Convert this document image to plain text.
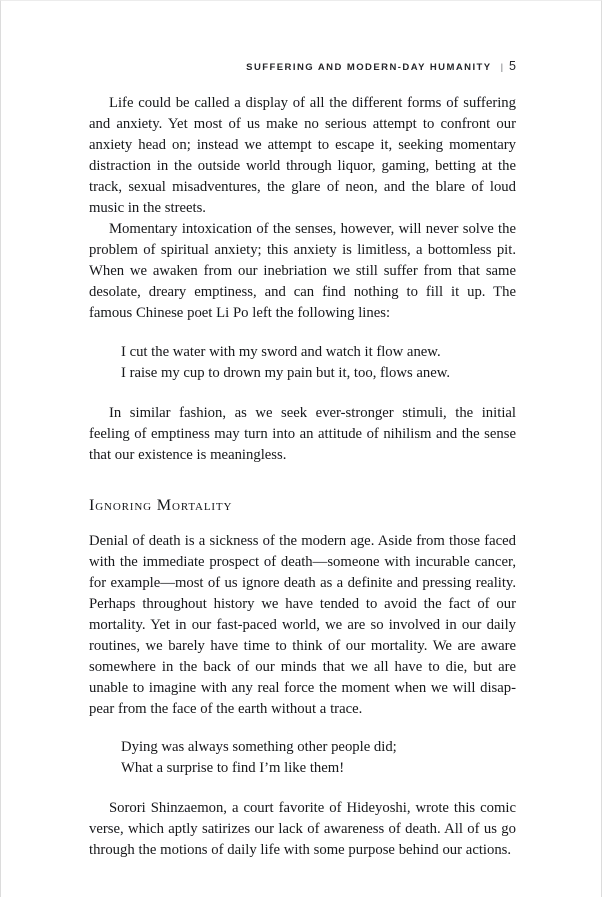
SUFFERING AND MODERN-DAY HUMANITY | 5

Life could be called a display of all the different forms of suffering and anxiety. Yet most of us make no serious attempt to confront our anxiety head on; instead we attempt to escape it, seeking momentary distraction in the outside world through liquor, gaming, betting at the track, sexual misadventures, the glare of neon, and the blare of loud music in the streets.

Momentary intoxication of the senses, however, will never solve the problem of spiritual anxiety; this anxiety is limitless, a bottomless pit. When we awaken from our inebriation we still suffer from that same desolate, dreary emptiness, and can find nothing to fill it up. The famous Chinese poet Li Po left the following lines:

I cut the water with my sword and watch it flow anew.
I raise my cup to drown my pain but it, too, flows anew.

In similar fashion, as we seek ever-stronger stimuli, the initial feeling of emptiness may turn into an attitude of nihilism and the sense that our existence is meaningless.

Ignoring Mortality

Denial of death is a sickness of the modern age. Aside from those faced with the immediate prospect of death—someone with incurable cancer, for example—most of us ignore death as a definite and pressing reality. Perhaps throughout history we have tended to avoid the fact of our mortality. Yet in our fast-paced world, we are so involved in our daily routines, we barely have time to think of our mortality. We are aware somewhere in the back of our minds that we all have to die, but are unable to imagine with any real force the moment when we will disap-pear from the face of the earth without a trace.

Dying was always something other people did;
What a surprise to find I’m like them!

Sorori Shinzaemon, a court favorite of Hideyoshi, wrote this comic verse, which aptly satirizes our lack of awareness of death. All of us go through the motions of daily life with some purpose behind our actions.
